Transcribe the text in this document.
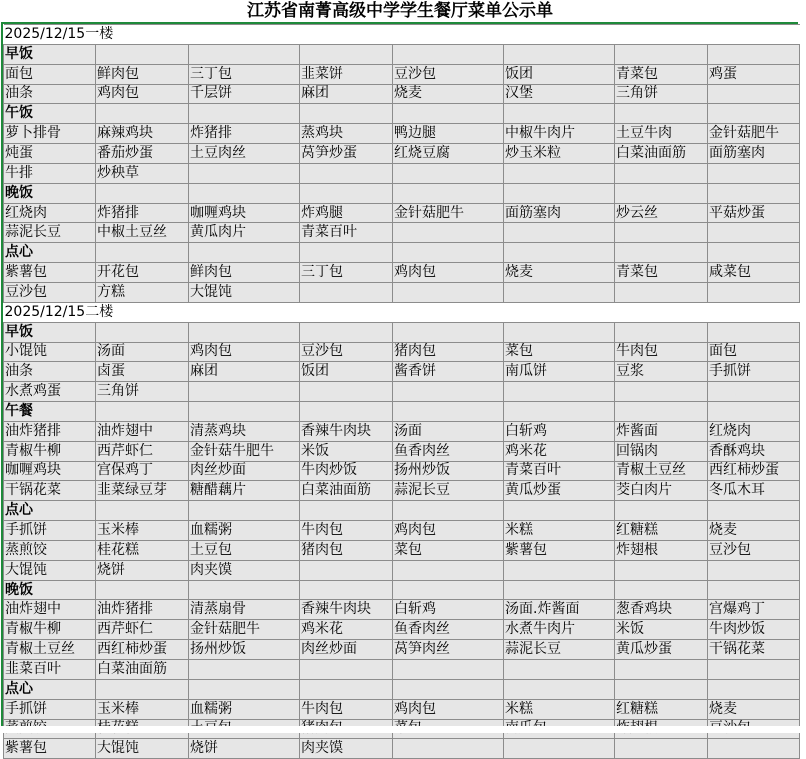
江苏省南菁高级中学学生餐厅菜单公示单
2025/12/15一楼							
早饭							
面包	鲜肉包	三丁包	韭菜饼	豆沙包	饭团	青菜包	鸡蛋
油条	鸡肉包	千层饼	麻团	烧麦	汉堡	三角饼	
午饭							
萝卜排骨	麻辣鸡块	炸猪排	蒸鸡块	鸭边腿	中椒牛肉片	土豆牛肉	金针菇肥牛
炖蛋	番茄炒蛋	土豆肉丝	莴笋炒蛋	红烧豆腐	炒玉米粒	白菜油面筋	面筋塞肉
牛排	炒秧草						
晚饭							
红烧肉	炸猪排	咖喱鸡块	炸鸡腿	金针菇肥牛	面筋塞肉	炒云丝	平菇炒蛋
蒜泥长豆	中椒土豆丝	黄瓜肉片	青菜百叶				
点心							
紫薯包	开花包	鲜肉包	三丁包	鸡肉包	烧麦	青菜包	咸菜包
豆沙包	方糕	大馄饨					
2025/12/15二楼							
早饭							
小馄饨	汤面	鸡肉包	豆沙包	猪肉包	菜包	牛肉包	面包
油条	卤蛋	麻团	饭团	酱香饼	南瓜饼	豆浆	手抓饼
水煮鸡蛋	三角饼						
午餐							
油炸猪排	油炸翅中	清蒸鸡块	香辣牛肉块	汤面	白斩鸡	炸酱面	红烧肉
青椒牛柳	西芹虾仁	金针菇牛肥牛	米饭	鱼香肉丝	鸡米花	回锅肉	香酥鸡块
咖喱鸡块	宫保鸡丁	肉丝炒面	牛肉炒饭	扬州炒饭	青菜百叶	青椒土豆丝	西红柿炒蛋
干锅花菜	韭菜绿豆芽	糖醋藕片	白菜油面筋	蒜泥长豆	黄瓜炒蛋	茭白肉片	冬瓜木耳
点心							
手抓饼	玉米棒	血糯粥	牛肉包	鸡肉包	米糕	红糖糕	烧麦
蒸煎饺	桂花糕	土豆包	猪肉包	菜包	紫薯包	炸翅根	豆沙包
大馄饨	烧饼	肉夹馍					
晚饭							
油炸翅中	油炸猪排	清蒸扇骨	香辣牛肉块	白斩鸡	汤面.炸酱面	葱香鸡块	宫爆鸡丁
青椒牛柳	西芹虾仁	金针菇肥牛	鸡米花	鱼香肉丝	水煮牛肉片	米饭	牛肉炒饭
青椒土豆丝	西红柿炒蛋	扬州炒饭	肉丝炒面	莴笋肉丝	蒜泥长豆	黄瓜炒蛋	干锅花菜
韭菜百叶	白菜油面筋						
点心							
手抓饼	玉米棒	血糯粥	牛肉包	鸡肉包	米糕	红糖糕	烧麦

紫薯包	大馄饨	烧饼	肉夹馍				
